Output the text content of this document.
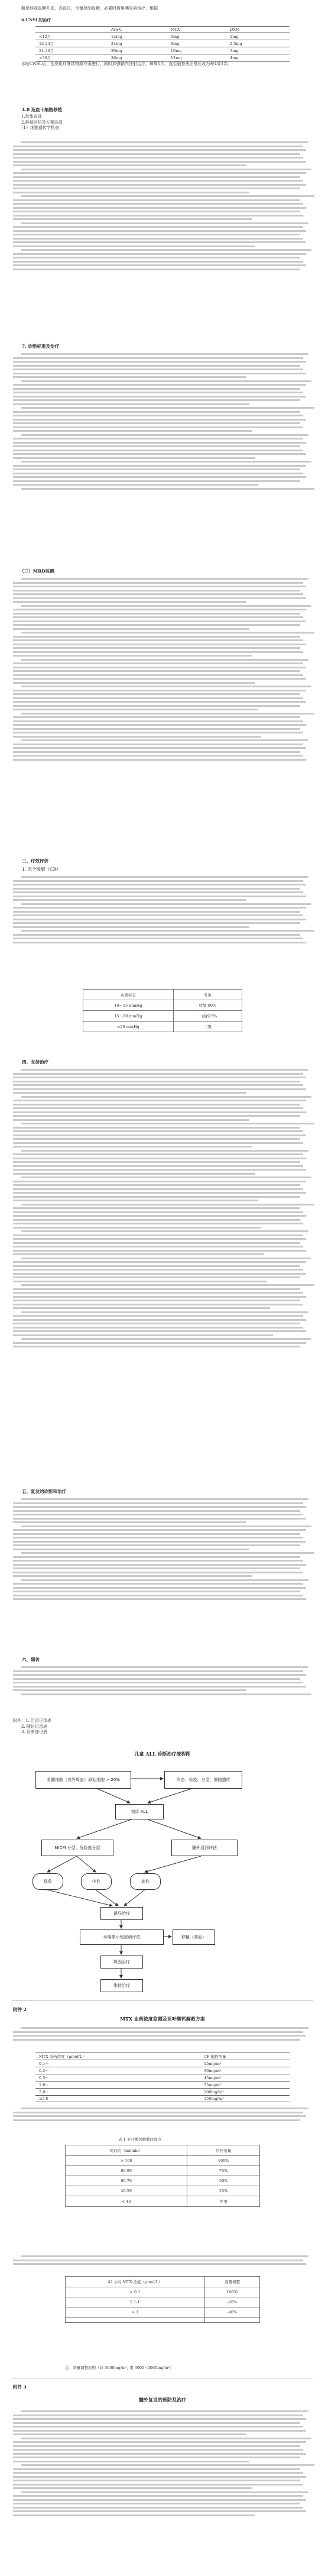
　　糖尿病或血糖升高，高血压，尽量控制血糖，必要时需用胰岛素治疗，根据
　　6.CNSL的治疗
	Ara-C	MTX	DXM
<12月	12mg	6mg	2mg
12-24月	24mg	8mg	2.5mg
24-36月	30mg	10mg	3mg
>36月	36mg	12mg	4mg
　　诊断CNSL后，全身化疗继续按原方案进行，同时加强鞘内注射治疗，每周1次，直至脑脊液正常后改为每4周1次。
　　4.8 造血干细胞移植
　　1.供体选择
　　2.移植时机及方案选择
　　（1）细胞遗传学检查
　　7. 诊断标准及治疗
　　（三）MRD监测
　　三、疗效评价
　　1. 完全缓解（CR）
血液标志	对象
10～15 mmHg	收缩 90%
15～20 mmHg	一级约 5%
≥20 mmHg	二级
　　四、支持治疗
　　五、复发的诊断和治疗
　　六、随访
附件：1. 汇总记录表
　　2. 随访记录表
　　3. 诊断登记表
儿童 ALL 诊断治疗流程图
骨髓细胞（或外周血）原始细胞 > 20%	形态、免疫、分型、细胞遗传
初诊 ALL
MICM 分型、危险度分层	髓外浸润评估
低危	中危	高危
诱导治疗
早期微小残留病评估	移植（高危）
巩固治疗
维持治疗
附件 2
MTX 血药浓度监测及亚叶酸钙解救方案
MTX 血药浓度（μmol/L）	CF 解救剂量
0.1～	15mg/m²
0.2～	30mg/m²
0.5～	45mg/m²
1.0～	75mg/m²
2.0～	100mg/m²
≥5.0	150mg/m²
表 1 亚叶酸钙解救时间点
时间点（ml/min）	给药剂量
> 100	100%
80-99	75%
60-79	50%
40-59	25%
< 40	停用
42 小时 MTX 浓度（μmol/L）	剂量调整
< 0.1	100%
0.1-1	-20%
> 1	-40%

注：剂量调整原则（如 5000mg/m², 用 3000~4000mg/m²）
附件 3
髓外复发的预防及治疗
